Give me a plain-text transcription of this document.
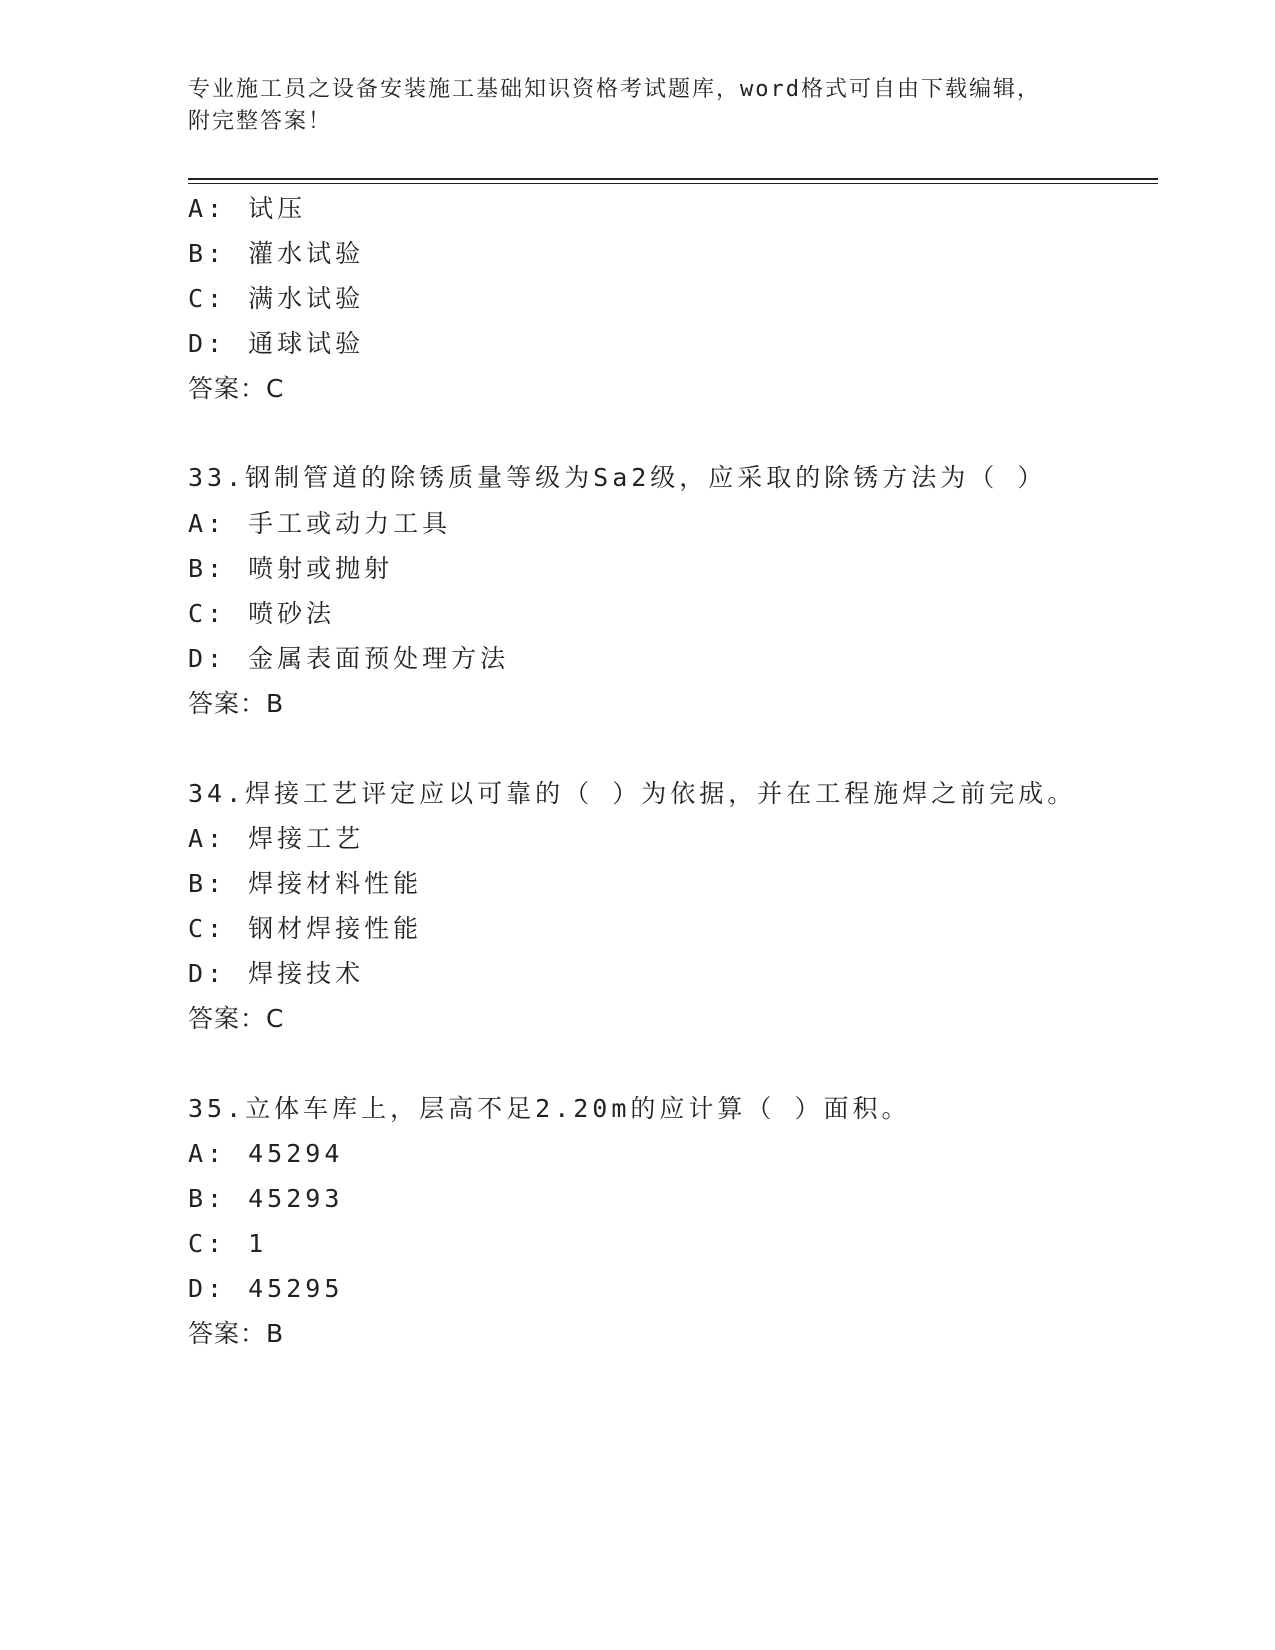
专业施工员之设备安装施工基础知识资格考试题库，word格式可自由下载编辑，
附完整答案！
A: 试压
B: 灌水试验
C: 满水试验
D: 通球试验
答案：C
33.钢制管道的除锈质量等级为Sa2级，应采取的除锈方法为（ ）
A: 手工或动力工具
B: 喷射或抛射
C: 喷砂法
D: 金属表面预处理方法
答案：B
34.焊接工艺评定应以可靠的（ ）为依据，并在工程施焊之前完成。
A: 焊接工艺
B: 焊接材料性能
C: 钢材焊接性能
D: 焊接技术
答案：C
35.立体车库上，层高不足2.20m的应计算（ ）面积。
A: 45294
B: 45293
C: 1
D: 45295
答案：B
